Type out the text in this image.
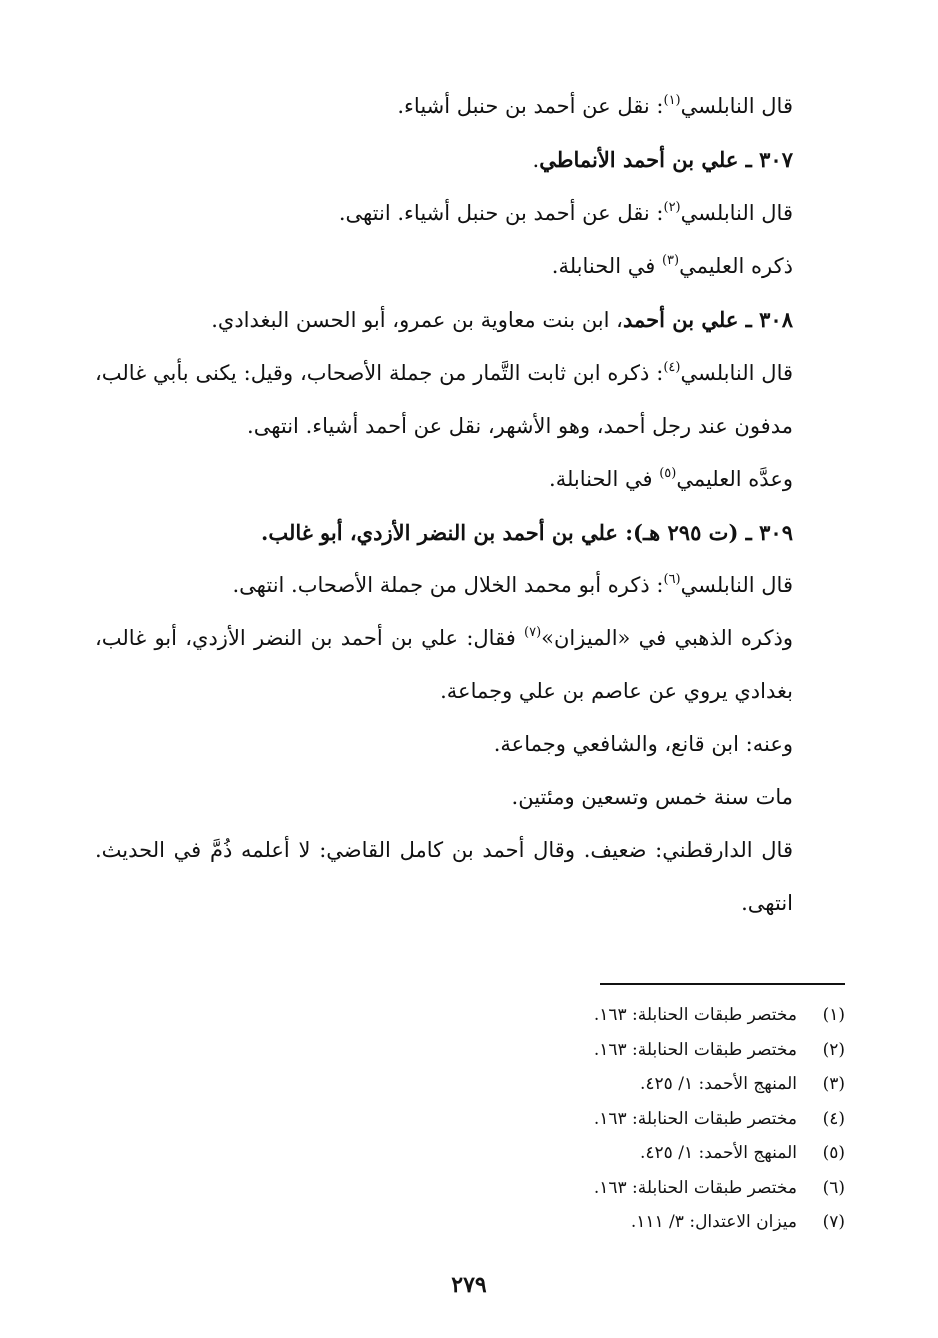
قال النابلسي$^{(١)}$: نقل عن أحمد بن حنبل أشياء.

٣٠٧ ـ علي بن أحمد الأنماطي.

قال النابلسي$^{(٢)}$: نقل عن أحمد بن حنبل أشياء. انتهى.

ذكره العليمي$^{(٣)}$ في الحنابلة.

٣٠٨ ـ علي بن أحمد، ابن بنت معاوية بن عمرو، أبو الحسن البغدادي.

قال النابلسي$^{(٤)}$: ذكره ابن ثابت التَّمار من جملة الأصحاب، وقيل: يكنى بأبي غالب، مدفون عند رجل أحمد، وهو الأشهر، نقل عن أحمد أشياء. انتهى.

وعدَّه العليمي$^{(٥)}$ في الحنابلة.

٣٠٩ ـ (ت ٢٩٥ هـ): علي بن أحمد بن النضر الأزدي، أبو غالب.

قال النابلسي$^{(٦)}$: ذكره أبو محمد الخلال من جملة الأصحاب. انتهى.

وذكره الذهبي في «الميزان»$^{(٧)}$ فقال: علي بن أحمد بن النضر الأزدي، أبو غالب، بغدادي يروي عن عاصم بن علي وجماعة.

وعنه: ابن قانع، والشافعي وجماعة.

مات سنة خمس وتسعين ومئتين.

قال الدارقطني: ضعيف. وقال أحمد بن كامل القاضي: لا أعلمه ذُمَّ في الحديث. انتهى.

(١)
مختصر طبقات الحنابلة: ١٦٣.
(٢)
مختصر طبقات الحنابلة: ١٦٣.
(٣)
المنهج الأحمد: ١/ ٤٢٥.
(٤)
مختصر طبقات الحنابلة: ١٦٣.
(٥)
المنهج الأحمد: ١/ ٤٢٥.
(٦)
مختصر طبقات الحنابلة: ١٦٣.
(٧)
ميزان الاعتدال: ٣/ ١١١.
٢٧٩
